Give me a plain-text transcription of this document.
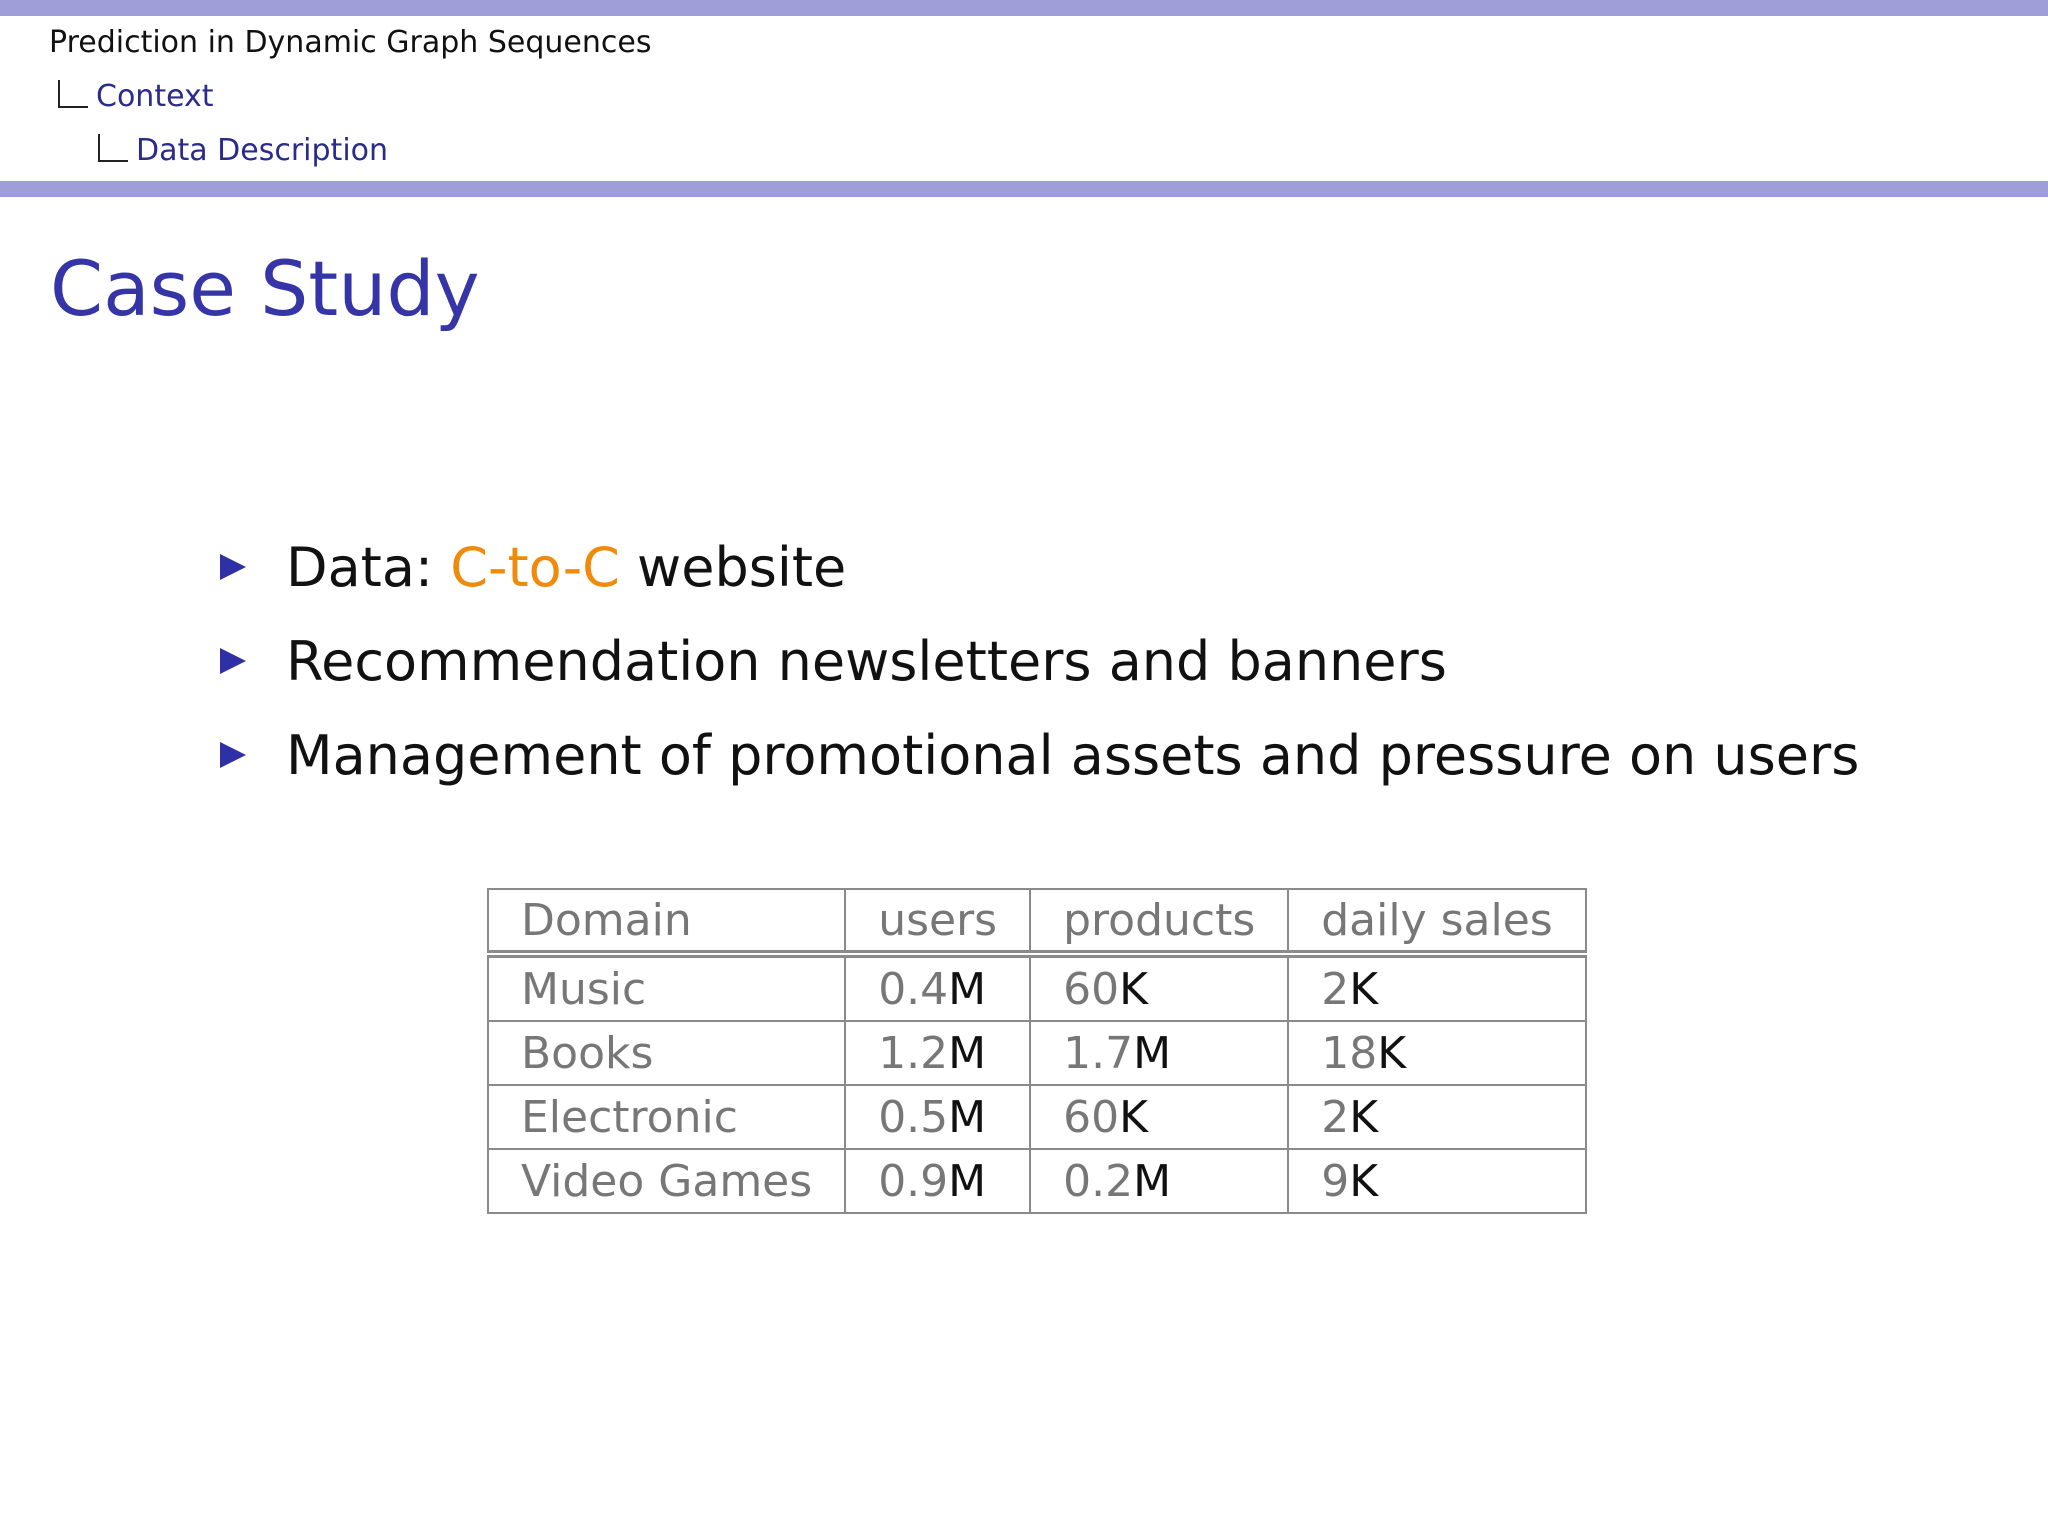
Prediction in Dynamic Graph Sequences
Context
Data Description
Case Study
Data: C-to-C website
Recommendation newsletters and banners
Management of promotional assets and pressure on users
Domain	users	products	daily sales
Music	0.4M	60K	2K
Books	1.2M	1.7M	18K
Electronic	0.5M	60K	2K
Video Games	0.9M	0.2M	9K
